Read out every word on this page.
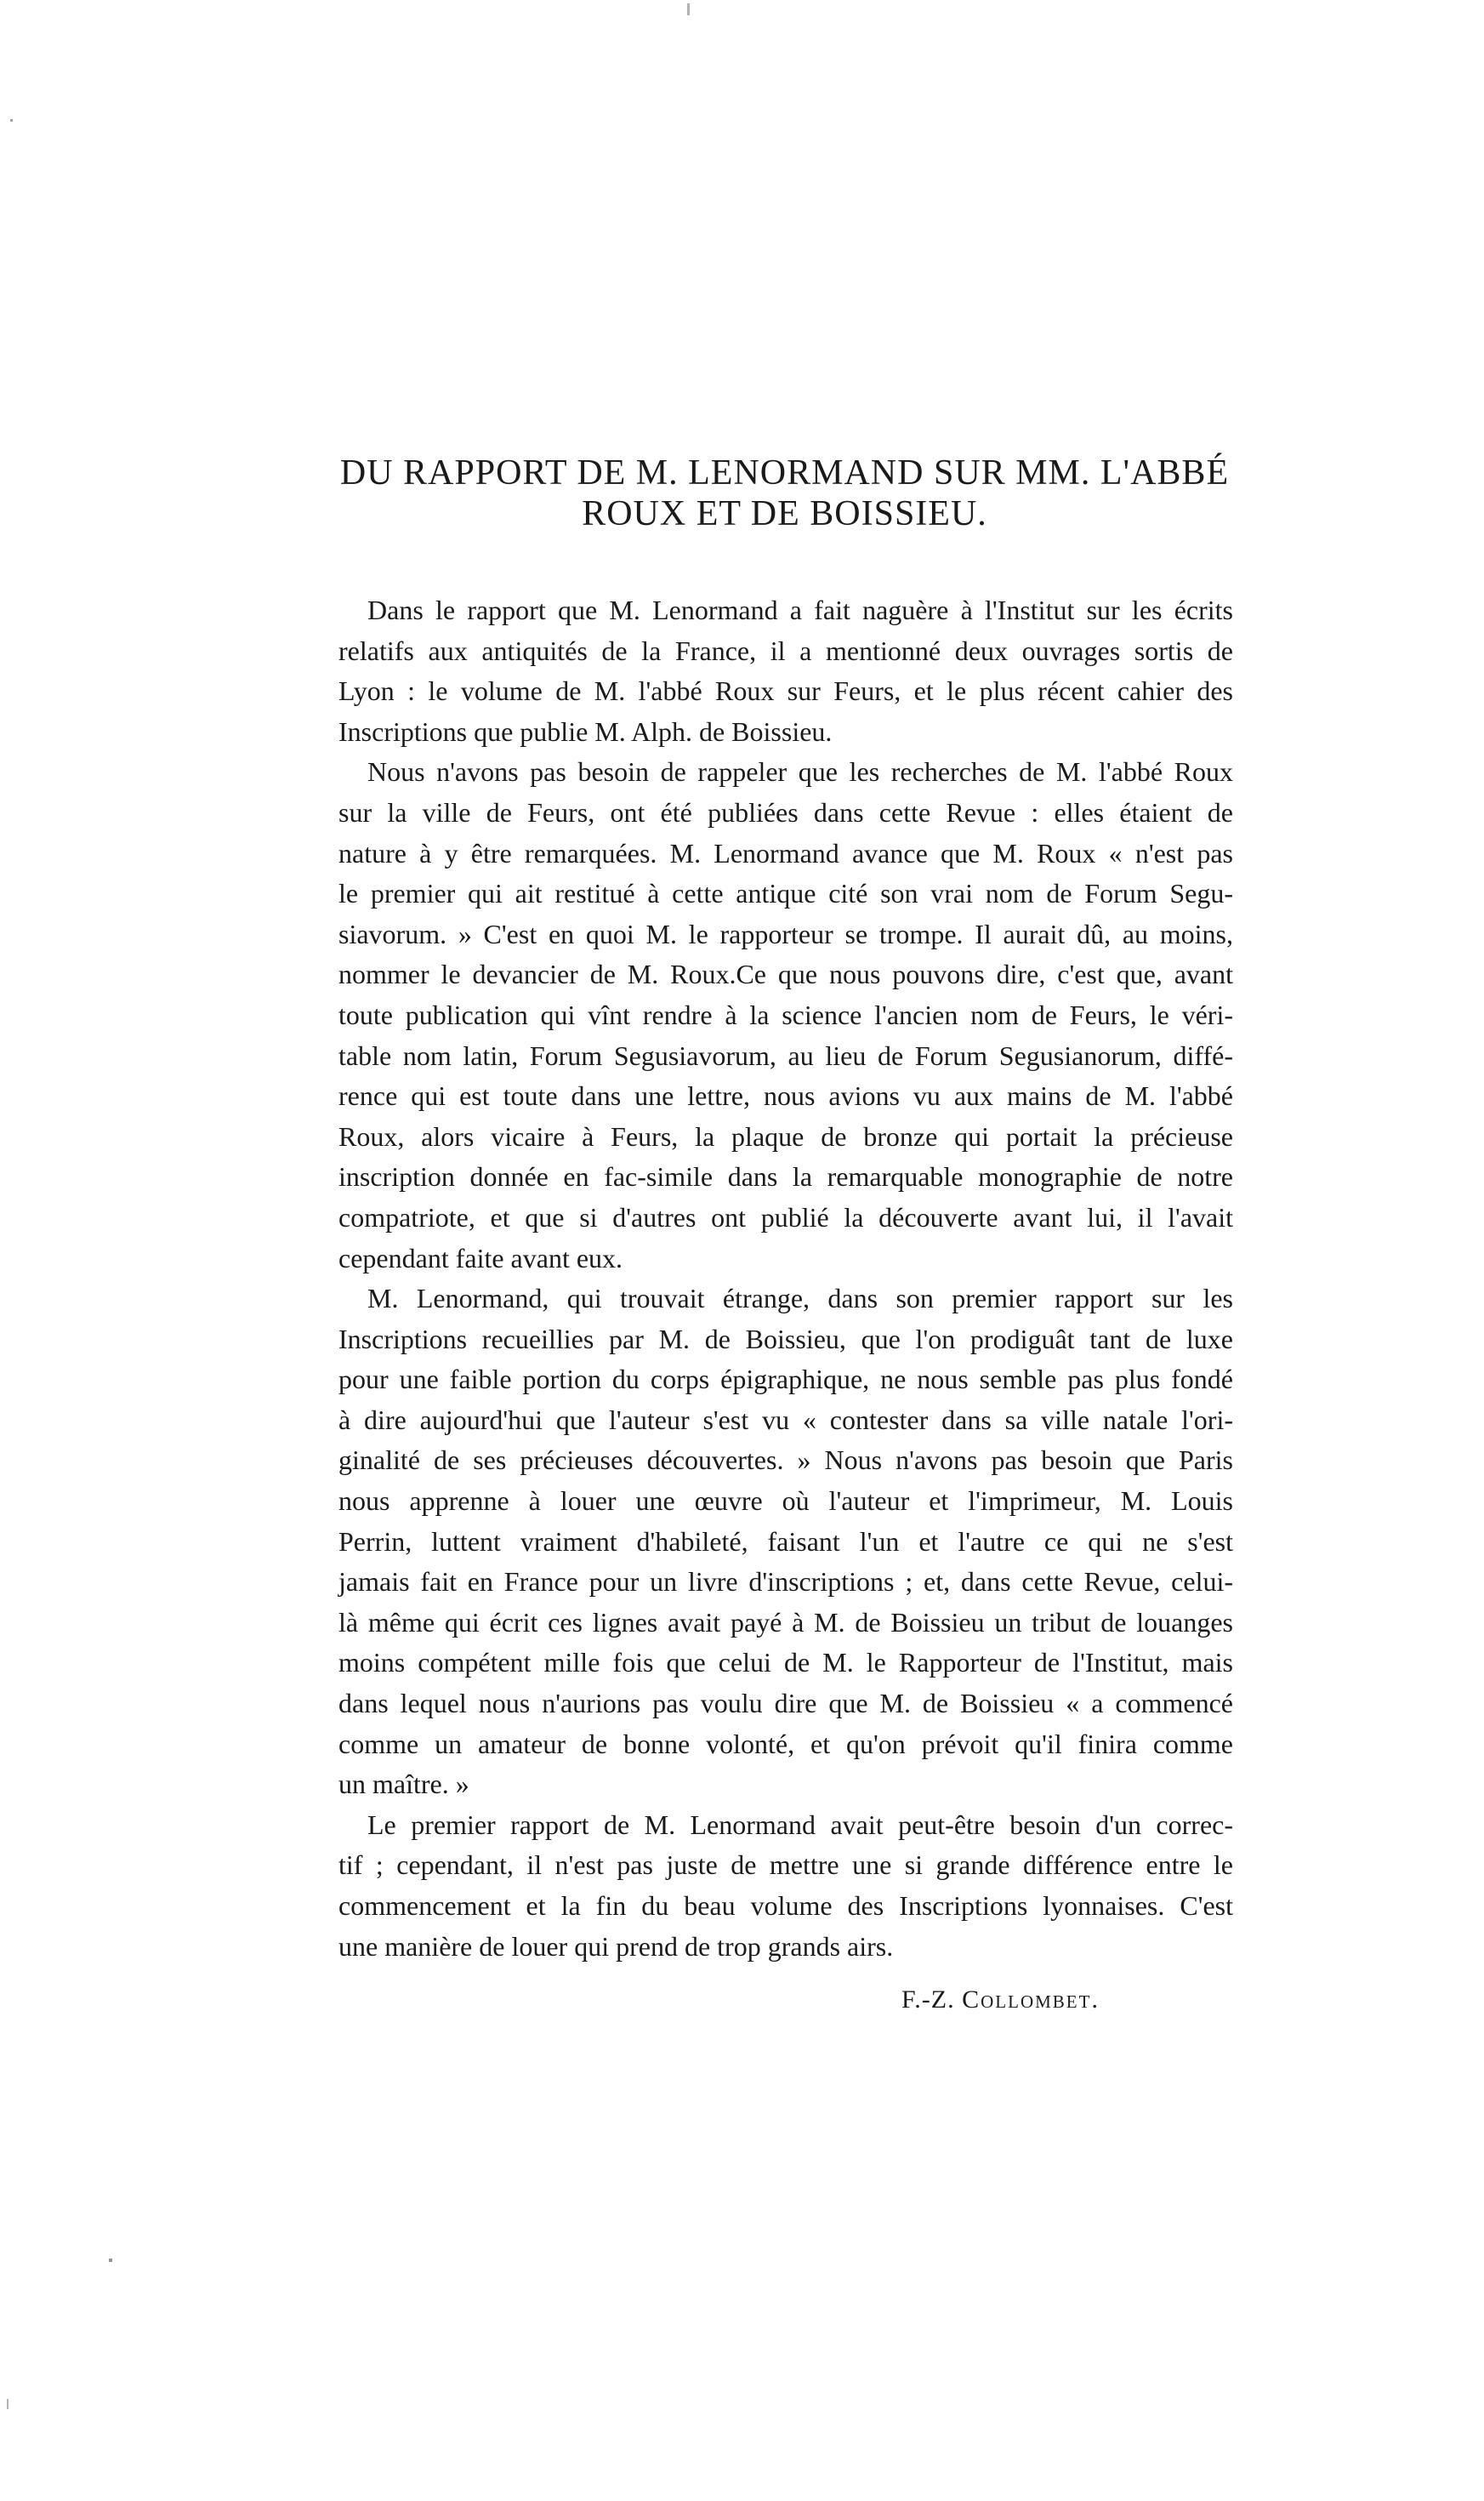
DU RAPPORT DE M. LENORMAND SUR MM. L'ABBÉ
ROUX ET DE BOISSIEU.
Dans le rapport que M. Lenormand a fait naguère à l'Institut sur les écrits
relatifs aux antiquités de la France, il a mentionné deux ouvrages sortis de
Lyon : le volume de M. l'abbé Roux sur Feurs, et le plus récent cahier des
Inscriptions que publie M. Alph. de Boissieu.
Nous n'avons pas besoin de rappeler que les recherches de M. l'abbé Roux
sur la ville de Feurs, ont été publiées dans cette Revue : elles étaient de
nature à y être remarquées. M. Lenormand avance que M. Roux « n'est pas
le premier qui ait restitué à cette antique cité son vrai nom de Forum Segu-
siavorum. » C'est en quoi M. le rapporteur se trompe. Il aurait dû, au moins,
nommer le devancier de M. Roux.Ce que nous pouvons dire, c'est que, avant
toute publication qui vînt rendre à la science l'ancien nom de Feurs, le véri-
table nom latin, Forum Segusiavorum, au lieu de Forum Segusianorum, diffé-
rence qui est toute dans une lettre, nous avions vu aux mains de M. l'abbé
Roux, alors vicaire à Feurs, la plaque de bronze qui portait la précieuse
inscription donnée en fac-simile dans la remarquable monographie de notre
compatriote, et que si d'autres ont publié la découverte avant lui, il l'avait
cependant faite avant eux.
M. Lenormand, qui trouvait étrange, dans son premier rapport sur les
Inscriptions recueillies par M. de Boissieu, que l'on prodiguât tant de luxe
pour une faible portion du corps épigraphique, ne nous semble pas plus fondé
à dire aujourd'hui que l'auteur s'est vu « contester dans sa ville natale l'ori-
ginalité de ses précieuses découvertes. » Nous n'avons pas besoin que Paris
nous apprenne à louer une œuvre où l'auteur et l'imprimeur, M. Louis
Perrin, luttent vraiment d'habileté, faisant l'un et l'autre ce qui ne s'est
jamais fait en France pour un livre d'inscriptions ; et, dans cette Revue, celui-
là même qui écrit ces lignes avait payé à M. de Boissieu un tribut de louanges
moins compétent mille fois que celui de M. le Rapporteur de l'Institut, mais
dans lequel nous n'aurions pas voulu dire que M. de Boissieu « a commencé
comme un amateur de bonne volonté, et qu'on prévoit qu'il finira comme
un maître. »
Le premier rapport de M. Lenormand avait peut-être besoin d'un correc-
tif ; cependant, il n'est pas juste de mettre une si grande différence entre le
commencement et la fin du beau volume des Inscriptions lyonnaises. C'est
une manière de louer qui prend de trop grands airs.
F.-Z. Collombet.
